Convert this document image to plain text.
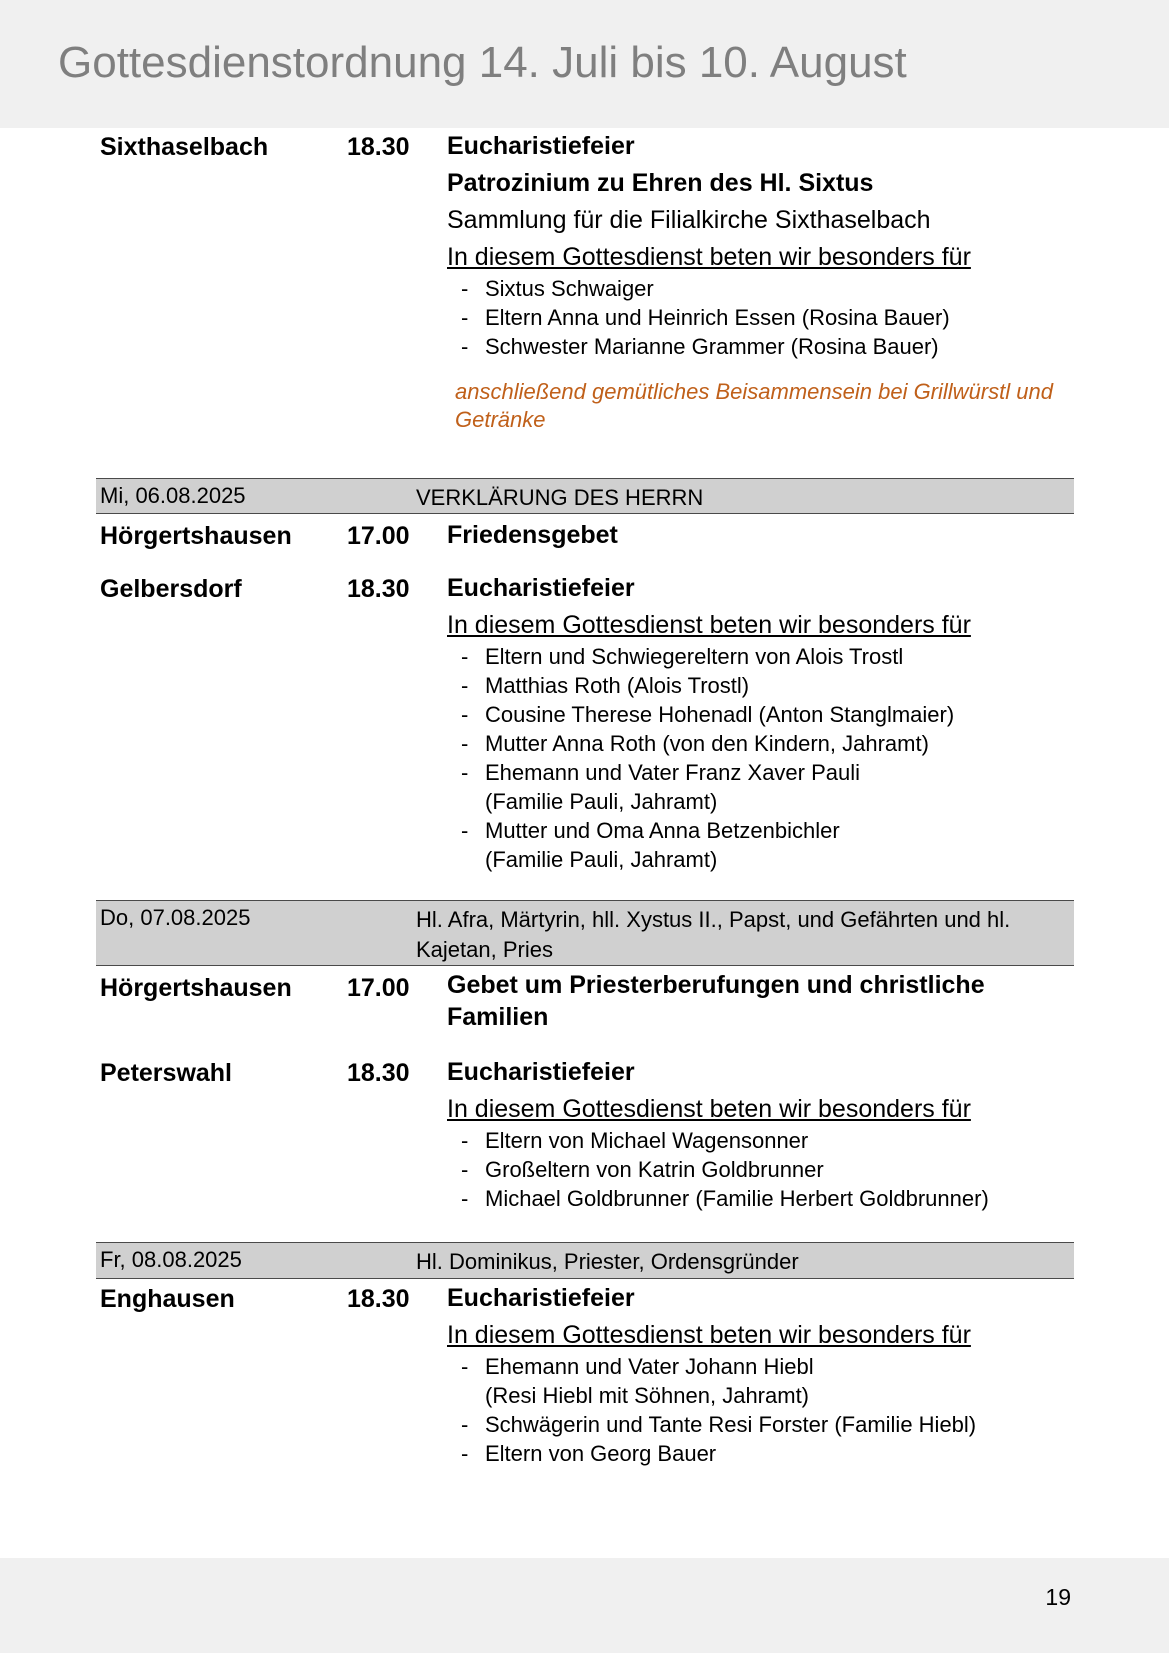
Gottesdienstordnung 14. Juli bis 10. August
Sixthaselbach	18.30 Eucharistiefeier
Patrozinium zu Ehren des Hl. Sixtus
Sammlung für die Filialkirche Sixthaselbach
In diesem Gottesdienst beten wir besonders für
- Sixtus Schwaiger
- Eltern Anna und Heinrich Essen (Rosina Bauer)
- Schwester Marianne Grammer (Rosina Bauer)
anschließend gemütliches Beisammensein bei Grillwürstl und Getränke
Mi, 06.08.2025	VERKLÄRUNG DES HERRN
Hörgertshausen 17.00 Friedensgebet
Gelbersdorf	18.30 Eucharistiefeier
In diesem Gottesdienst beten wir besonders für
- Eltern und Schwiegereltern von Alois Trostl
- Matthias Roth (Alois Trostl)
- Cousine Therese Hohenadl (Anton Stanglmaier)
- Mutter Anna Roth (von den Kindern, Jahramt)
- Ehemann und Vater Franz Xaver Pauli
(Familie Pauli, Jahramt)
- Mutter und Oma Anna Betzenbichler
(Familie Pauli, Jahramt)
Do, 07.08.2025	Hl. Afra, Märtyrin, hll. Xystus II., Papst, und Gefährten und hl. Kajetan, Pries
Hörgertshausen 17.00 Gebet um Priesterberufungen und christliche Familien
Peterswahl	18.30 Eucharistiefeier
In diesem Gottesdienst beten wir besonders für
- Eltern von Michael Wagensonner
- Großeltern von Katrin Goldbrunner
- Michael Goldbrunner (Familie Herbert Goldbrunner)
Fr, 08.08.2025	Hl. Dominikus, Priester, Ordensgründer
Enghausen	18.30 Eucharistiefeier
In diesem Gottesdienst beten wir besonders für
- Ehemann und Vater Johann Hiebl
(Resi Hiebl mit Söhnen, Jahramt)
- Schwägerin und Tante Resi Forster (Familie Hiebl)
- Eltern von Georg Bauer
19
